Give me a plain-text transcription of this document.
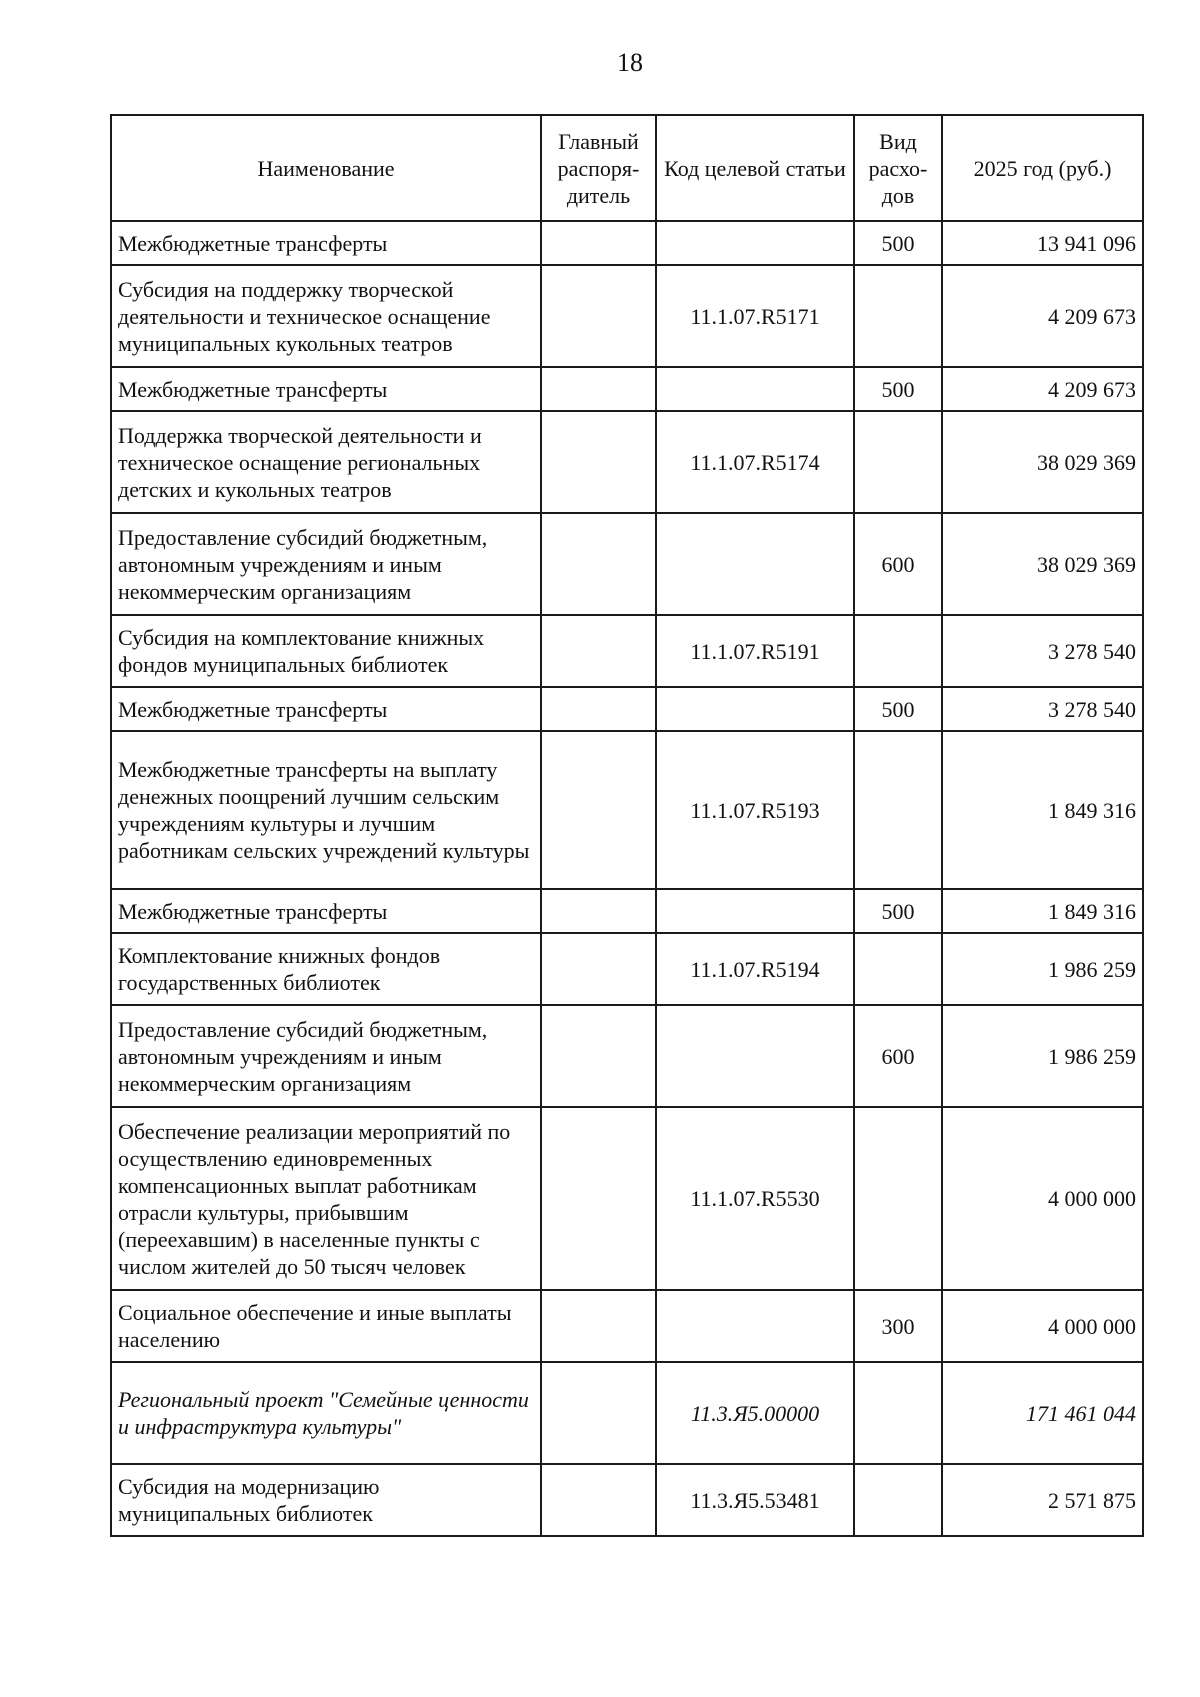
18
Наименование	Главный распоря-дитель	Код целевой статьи	Вид расхо-дов	2025 год (руб.)
Межбюджетные трансферты			500	13 941 096
Субсидия на поддержку творческой деятельности и техническое оснащение муниципальных кукольных театров		11.1.07.R5171		4 209 673
Межбюджетные трансферты			500	4 209 673
Поддержка творческой деятельности и техническое оснащение региональных детских и кукольных театров		11.1.07.R5174		38 029 369
Предоставление субсидий бюджетным, автономным учреждениям и иным некоммерческим организациям			600	38 029 369
Субсидия на комплектование книжных фондов муниципальных библиотек		11.1.07.R5191		3 278 540
Межбюджетные трансферты			500	3 278 540
Межбюджетные трансферты на выплату денежных поощрений лучшим сельским учреждениям культуры и лучшим работникам сельских учреждений культуры		11.1.07.R5193		1 849 316
Межбюджетные трансферты			500	1 849 316
Комплектование книжных фондов государственных библиотек		11.1.07.R5194		1 986 259
Предоставление субсидий бюджетным, автономным учреждениям и иным некоммерческим организациям			600	1 986 259
Обеспечение реализации мероприятий по осуществлению единовременных компенсационных выплат работникам отрасли культуры, прибывшим (переехавшим) в населенные пункты с числом жителей до 50 тысяч человек		11.1.07.R5530		4 000 000
Социальное обеспечение и иные выплаты населению			300	4 000 000
Региональный проект "Семейные ценности и инфраструктура культуры"		11.3.Я5.00000		171 461 044
Субсидия на модернизацию муниципальных библиотек		11.3.Я5.53481		2 571 875
